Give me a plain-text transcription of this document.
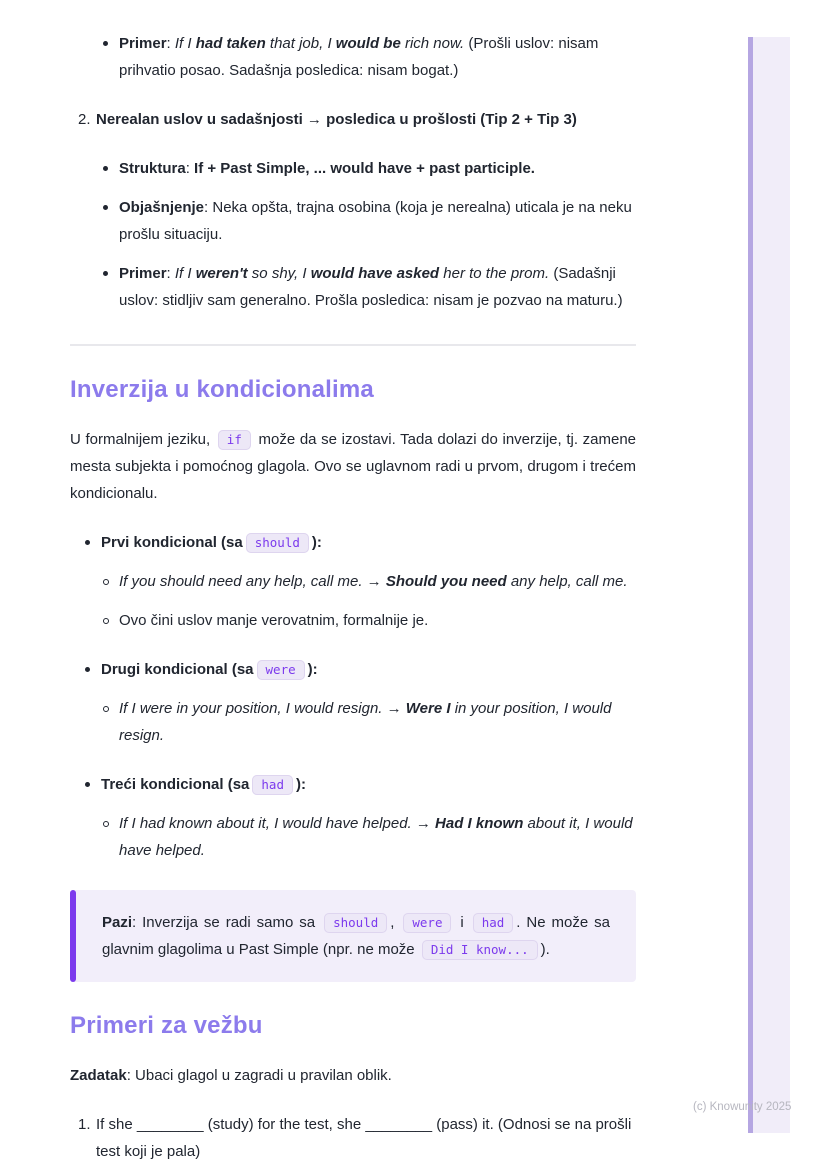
Primer: If I had taken that job, I would be rich now. (Prošli uslov: nisam prihvatio posao. Sadašnja posledica: nisam bogat.)
2. Nerealan uslov u sadašnjosti → posledica u prošlosti (Tip 2 + Tip 3)
Struktura: If + Past Simple, ... would have + past participle.
Objašnjenje: Neka opšta, trajna osobina (koja je nerealna) uticala je na neku prošlu situaciju.
Primer: If I weren't so shy, I would have asked her to the prom. (Sadašnji uslov: stidljiv sam generalno. Prošla posledica: nisam je pozvao na maturu.)
Inverzija u kondicionalima

U formalnijem jeziku, if može da se izostavi. Tada dolazi do inverzije, tj. zamene mesta subjekta i pomoćnog glagola. Ovo se uglavnom radi u prvom, drugom i trećem kondicionalu.

Prvi kondicional (sa should ):
If you should need any help, call me. → Should you need any help, call me.
Ovo čini uslov manje verovatnim, formalnije je.
Drugi kondicional (sa were ):
If I were in your position, I would resign. → Were I in your position, I would resign.
Treći kondicional (sa had ):
If I had known about it, I would have helped. → Had I known about it, I would have helped.
Pazi: Inverzija se radi samo sa should , were i had . Ne može sa glavnim glagolima u Past Simple (npr. ne može Did I know... ).
Primeri za vežbu

Zadatak: Ubaci glagol u zagradi u pravilan oblik.

1. If she ________ (study) for the test, she ________ (pass) it. (Odnosi se na prošli test koji je pala)
(c) Knowunity 2025
